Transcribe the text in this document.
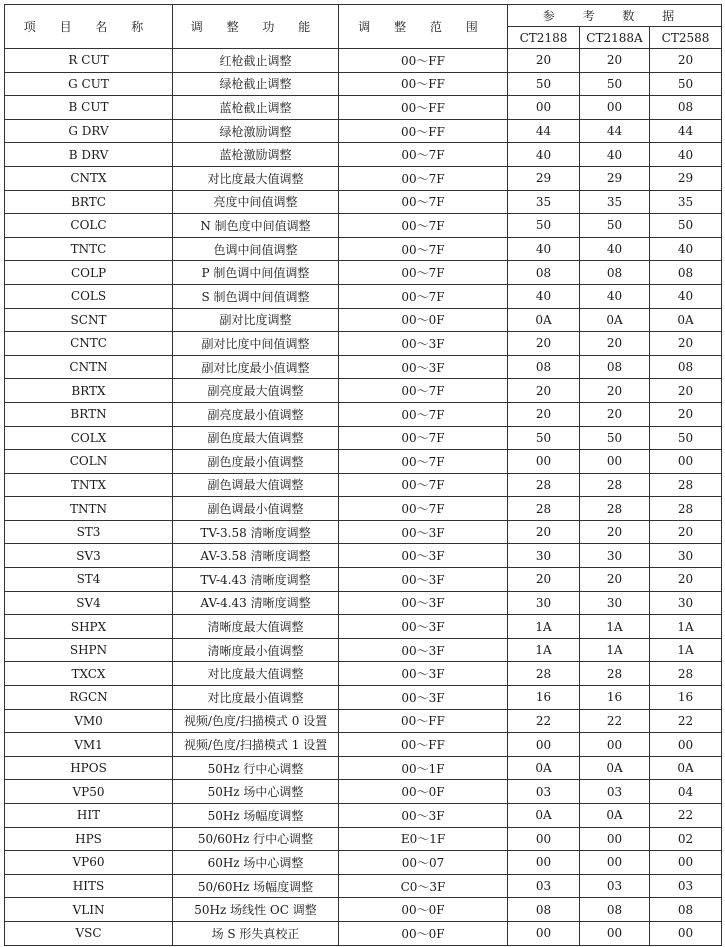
项 目 名 称	调 整 功 能	调 整 范 围	参 考 数 据		
			CT2188	CT2188A	CT2588
R CUT	红枪截止调整	00～FF	20	20	20
G CUT	绿枪截止调整	00～FF	50	50	50
B CUT	蓝枪截止调整	00～FF	00	00	08
G DRV	绿枪激励调整	00～FF	44	44	44
B DRV	蓝枪激励调整	00～7F	40	40	40
CNTX	对比度最大值调整	00～7F	29	29	29
BRTC	亮度中间值调整	00～7F	35	35	35
COLC	N 制色度中间值调整	00～7F	50	50	50
TNTC	色调中间值调整	00～7F	40	40	40
COLP	P 制色调中间值调整	00～7F	08	08	08
COLS	S 制色调中间值调整	00～7F	40	40	40
SCNT	副对比度调整	00～0F	0A	0A	0A
CNTC	副对比度中间值调整	00～3F	20	20	20
CNTN	副对比度最小值调整	00～3F	08	08	08
BRTX	副亮度最大值调整	00～7F	20	20	20
BRTN	副亮度最小值调整	00～7F	20	20	20
COLX	副色度最大值调整	00～7F	50	50	50
COLN	副色度最小值调整	00～7F	00	00	00
TNTX	副色调最大值调整	00～7F	28	28	28
TNTN	副色调最小值调整	00～7F	28	28	28
ST3	TV-3.58 清晰度调整	00～3F	20	20	20
SV3	AV-3.58 清晰度调整	00～3F	30	30	30
ST4	TV-4.43 清晰度调整	00～3F	20	20	20
SV4	AV-4.43 清晰度调整	00～3F	30	30	30
SHPX	清晰度最大值调整	00～3F	1A	1A	1A
SHPN	清晰度最小值调整	00～3F	1A	1A	1A
TXCX	对比度最大值调整	00～3F	28	28	28
RGCN	对比度最小值调整	00～3F	16	16	16
VM0	视频/色度/扫描模式 0 设置	00～FF	22	22	22
VM1	视频/色度/扫描模式 1 设置	00～FF	00	00	00
HPOS	50Hz 行中心调整	00～1F	0A	0A	0A
VP50	50Hz 场中心调整	00～0F	03	03	04
HIT	50Hz 场幅度调整	00～3F	0A	0A	22
HPS	50/60Hz 行中心调整	E0～1F	00	00	02
VP60	60Hz 场中心调整	00～07	00	00	00
HITS	50/60Hz 场幅度调整	C0～3F	03	03	03
VLIN	50Hz 场线性 OC 调整	00～0F	08	08	08
VSC	场 S 形失真校正	00～0F	00	00	00
